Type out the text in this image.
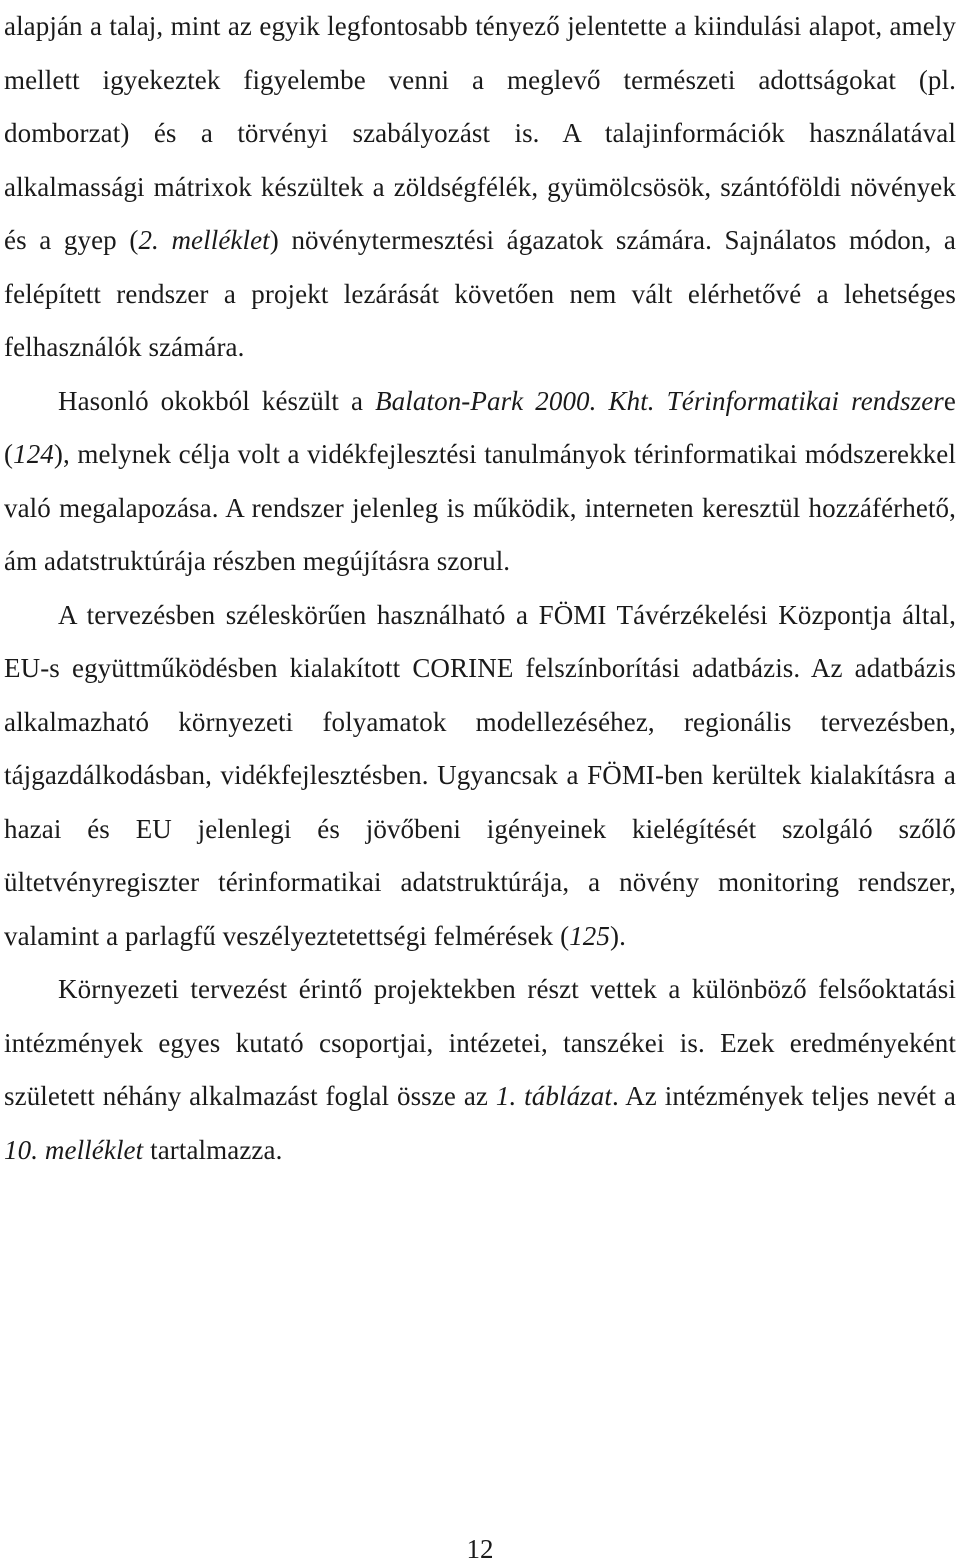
alapján a talaj, mint az egyik legfontosabb tényező jelentette a kiindulási alapot, amely mellett igyekeztek figyelembe venni a meglevő természeti adottságokat (pl. domborzat) és a törvényi szabályozást is. A talajinformációk használatával alkalmassági mátrixok készültek a zöldségfélék, gyümölcsösök, szántóföldi növények és a gyep (2. melléklet) növénytermesztési ágazatok számára. Sajnálatos módon, a felépített rendszer a projekt lezárását követően nem vált elérhetővé a lehetséges felhasználók számára.

Hasonló okokból készült a Balaton-Park 2000. Kht. Térinformatikai rendszere (124), melynek célja volt a vidékfejlesztési tanulmányok térinformatikai módszerekkel való megalapozása. A rendszer jelenleg is működik, interneten keresztül hozzáférhető, ám adatstruktúrája részben megújításra szorul.

A tervezésben széleskörűen használható a FÖMI Távérzékelési Központja által, EU-s együttműködésben kialakított CORINE felszínborítási adatbázis. Az adatbázis alkalmazható környezeti folyamatok modellezéséhez, regionális tervezésben, tájgazdálkodásban, vidékfejlesztésben. Ugyancsak a FÖMI-ben kerültek kialakításra a hazai és EU jelenlegi és jövőbeni igényeinek kielégítését szolgáló szőlő ültetvényregiszter térinformatikai adatstruktúrája, a növény monitoring rendszer, valamint a parlagfű veszélyeztetettségi felmérések (125).

Környezeti tervezést érintő projektekben részt vettek a különböző felsőoktatási intézmények egyes kutató csoportjai, intézetei, tanszékei is. Ezek eredményeként született néhány alkalmazást foglal össze az 1. táblázat. Az intézmények teljes nevét a 10. melléklet tartalmazza.

12
